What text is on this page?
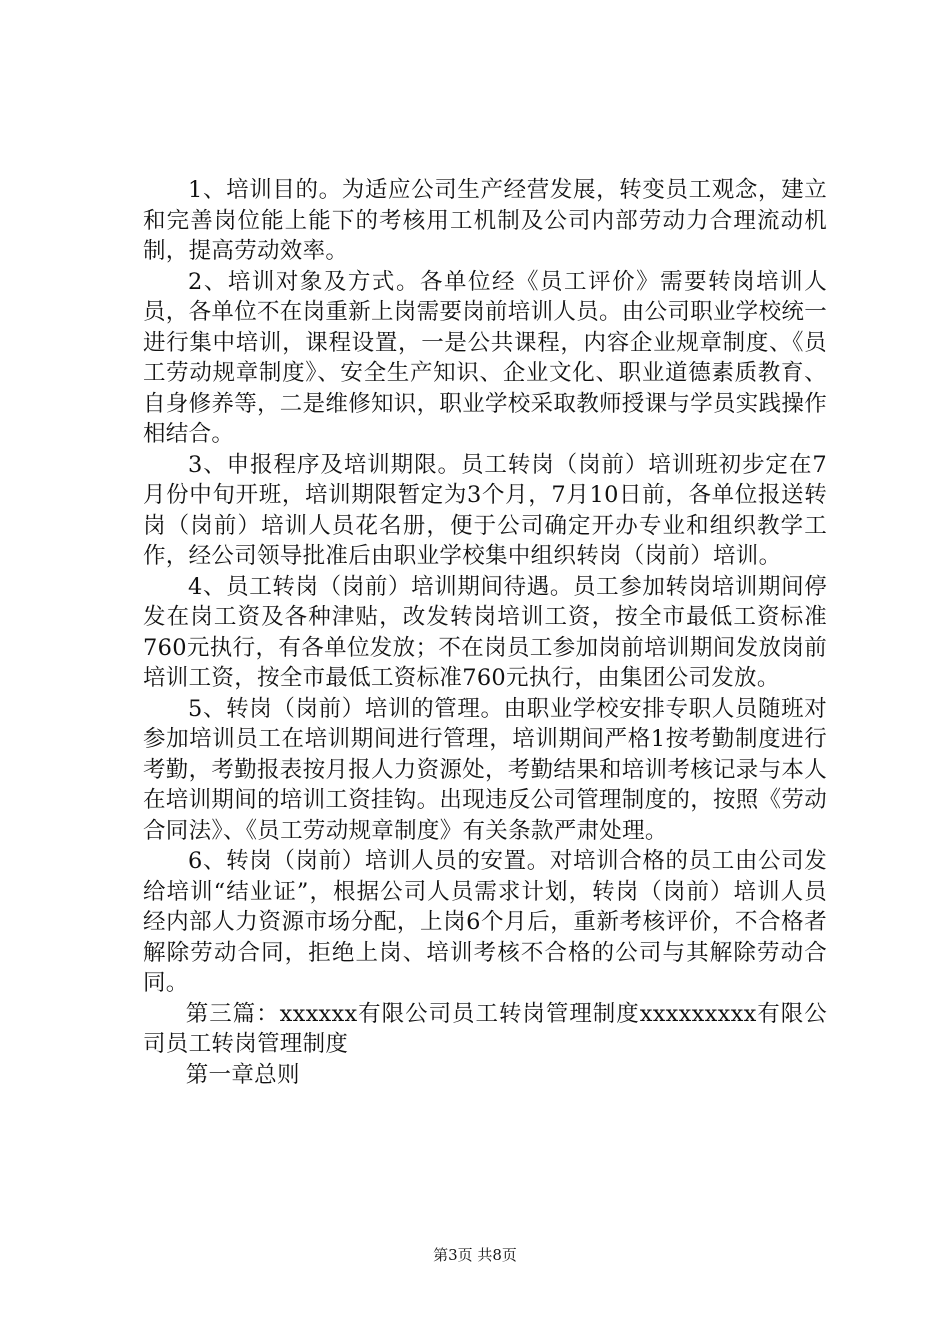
1、培训目的。为适应公司生产经营发展，转变员工观念，建立和完善岗位能上能下的考核用工机制及公司内部劳动力合理流动机制，提高劳动效率。

2、培训对象及方式。各单位经《员工评价》需要转岗培训人员，各单位不在岗重新上岗需要岗前培训人员。由公司职业学校统一进行集中培训，课程设置，一是公共课程，内容企业规章制度、《员工劳动规章制度》、安全生产知识、企业文化、职业道德素质教育、自身修养等，二是维修知识，职业学校采取教师授课与学员实践操作相结合。

3、申报程序及培训期限。员工转岗（岗前）培训班初步定在7月份中旬开班，培训期限暂定为3个月，7月10日前，各单位报送转岗（岗前）培训人员花名册，便于公司确定开办专业和组织教学工作，经公司领导批准后由职业学校集中组织转岗（岗前）培训。

4、员工转岗（岗前）培训期间待遇。员工参加转岗培训期间停发在岗工资及各种津贴，改发转岗培训工资，按全市最低工资标准760元执行，有各单位发放；不在岗员工参加岗前培训期间发放岗前培训工资，按全市最低工资标准760元执行，由集团公司发放。

5、转岗（岗前）培训的管理。由职业学校安排专职人员随班对参加培训员工在培训期间进行管理，培训期间严格1按考勤制度进行考勤，考勤报表按月报人力资源处，考勤结果和培训考核记录与本人在培训期间的培训工资挂钩。出现违反公司管理制度的，按照《劳动合同法》、《员工劳动规章制度》有关条款严肃处理。

6、转岗（岗前）培训人员的安置。对培训合格的员工由公司发给培训“结业证”，根据公司人员需求计划，转岗（岗前）培训人员经内部人力资源市场分配，上岗6个月后，重新考核评价，不合格者解除劳动合同，拒绝上岗、培训考核不合格的公司与其解除劳动合同。

第三篇：xxxxxx有限公司员工转岗管理制度xxxxxxxxx有限公司员工转岗管理制度

第一章总则

第3页 共8页
